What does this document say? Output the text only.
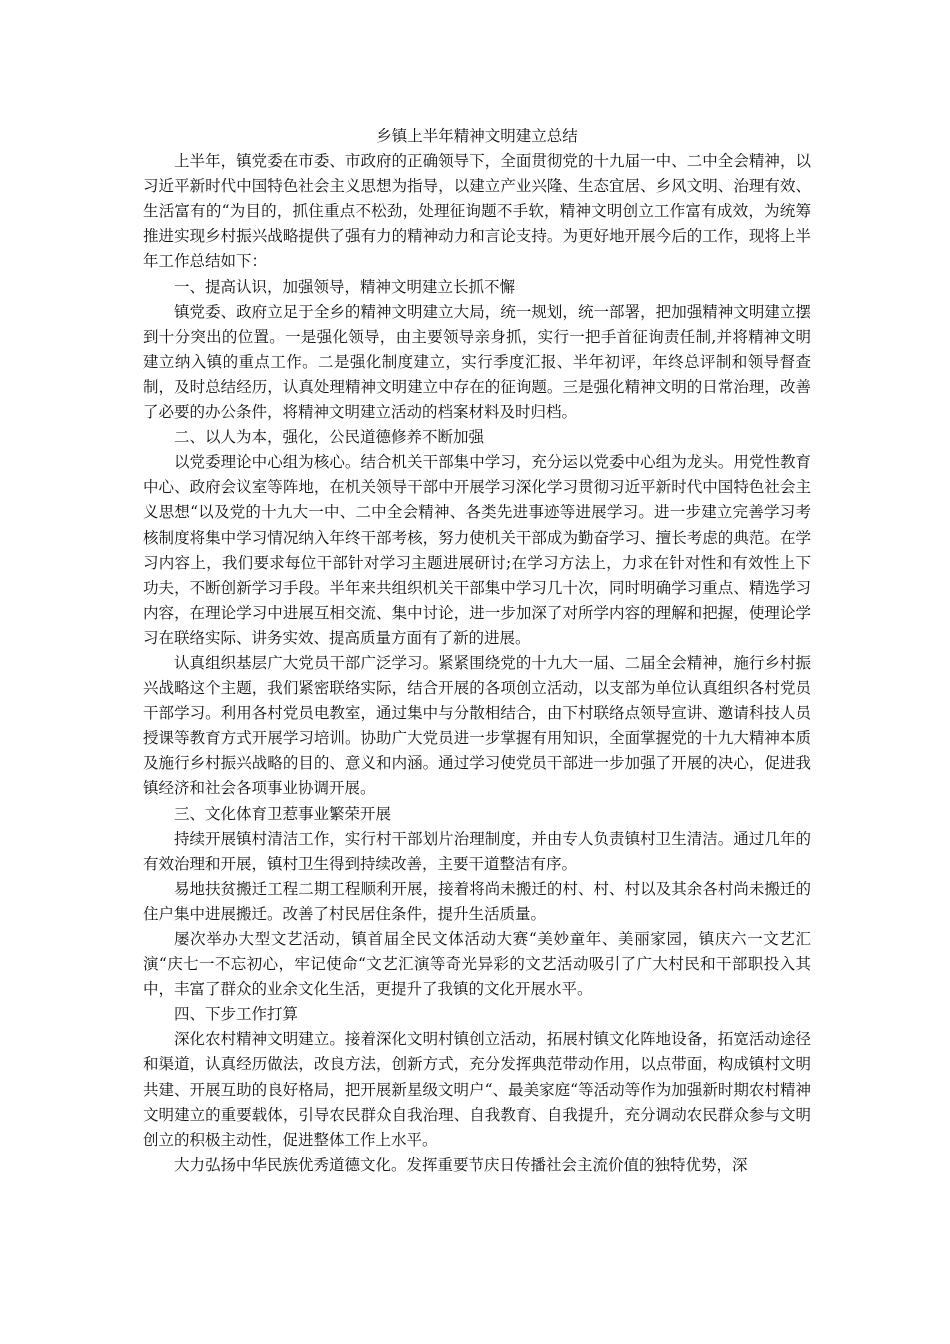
乡镇上半年精神文明建立总结

上半年，镇党委在市委、市政府的正确领导下，全面贯彻党的十九届一中、二中全会精神，以习近平新时代中国特色社会主义思想为指导，以建立产业兴隆、生态宜居、乡风文明、治理有效、生活富有的“为目的，抓住重点不松劲，处理征询题不手软，精神文明创立工作富有成效，为统筹推进实现乡村振兴战略提供了强有力的精神动力和言论支持。为更好地开展今后的工作，现将上半年工作总结如下：

一、提高认识，加强领导，精神文明建立长抓不懈

镇党委、政府立足于全乡的精神文明建立大局，统一规划，统一部署，把加强精神文明建立摆到十分突出的位置。一是强化领导，由主要领导亲身抓，实行一把手首征询责任制,并将精神文明建立纳入镇的重点工作。二是强化制度建立，实行季度汇报、半年初评，年终总评制和领导督查制，及时总结经历，认真处理精神文明建立中存在的征询题。三是强化精神文明的日常治理，改善了必要的办公条件，将精神文明建立活动的档案材料及时归档。

二、以人为本，强化，公民道德修养不断加强

以党委理论中心组为核心。结合机关干部集中学习，充分运以党委中心组为龙头。用党性教育中心、政府会议室等阵地，在机关领导干部中开展学习深化学习贯彻习近平新时代中国特色社会主义思想“以及党的十九大一中、二中全会精神、各类先进事迹等进展学习。进一步建立完善学习考核制度将集中学习情况纳入年终干部考核，努力使机关干部成为勤奋学习、擅长考虑的典范。在学习内容上，我们要求每位干部针对学习主题进展研讨;在学习方法上，力求在针对性和有效性上下功夫，不断创新学习手段。半年来共组织机关干部集中学习几十次，同时明确学习重点、精选学习内容，在理论学习中进展互相交流、集中讨论，进一步加深了对所学内容的理解和把握，使理论学习在联络实际、讲务实效、提高质量方面有了新的进展。

认真组织基层广大党员干部广泛学习。紧紧围绕党的十九大一届、二届全会精神，施行乡村振兴战略这个主题，我们紧密联络实际，结合开展的各项创立活动，以支部为单位认真组织各村党员干部学习。利用各村党员电教室，通过集中与分散相结合，由下村联络点领导宣讲、邀请科技人员授课等教育方式开展学习培训。协助广大党员进一步掌握有用知识，全面掌握党的十九大精神本质及施行乡村振兴战略的目的、意义和内涵。通过学习使党员干部进一步加强了开展的决心，促进我镇经济和社会各项事业协调开展。

三、文化体育卫惹事业繁荣开展

持续开展镇村清洁工作，实行村干部划片治理制度，并由专人负责镇村卫生清洁。通过几年的有效治理和开展，镇村卫生得到持续改善，主要干道整洁有序。

易地扶贫搬迁工程二期工程顺利开展，接着将尚未搬迁的村、村、村以及其余各村尚未搬迁的住户集中进展搬迁。改善了村民居住条件，提升生活质量。

屡次举办大型文艺活动，镇首届全民文体活动大赛“美妙童年、美丽家园，镇庆六一文艺汇演“庆七一不忘初心，牢记使命“文艺汇演等奇光异彩的文艺活动吸引了广大村民和干部职投入其中，丰富了群众的业余文化生活，更提升了我镇的文化开展水平。

四、下步工作打算

深化农村精神文明建立。接着深化文明村镇创立活动，拓展村镇文化阵地设备，拓宽活动途径和渠道，认真经历做法，改良方法，创新方式，充分发挥典范带动作用，以点带面，构成镇村文明共建、开展互助的良好格局，把开展新星级文明户“、最美家庭“等活动等作为加强新时期农村精神文明建立的重要载体，引导农民群众自我治理、自我教育、自我提升，充分调动农民群众参与文明创立的积极主动性，促进整体工作上水平。

大力弘扬中华民族优秀道德文化。发挥重要节庆日传播社会主流价值的独特优势，深
